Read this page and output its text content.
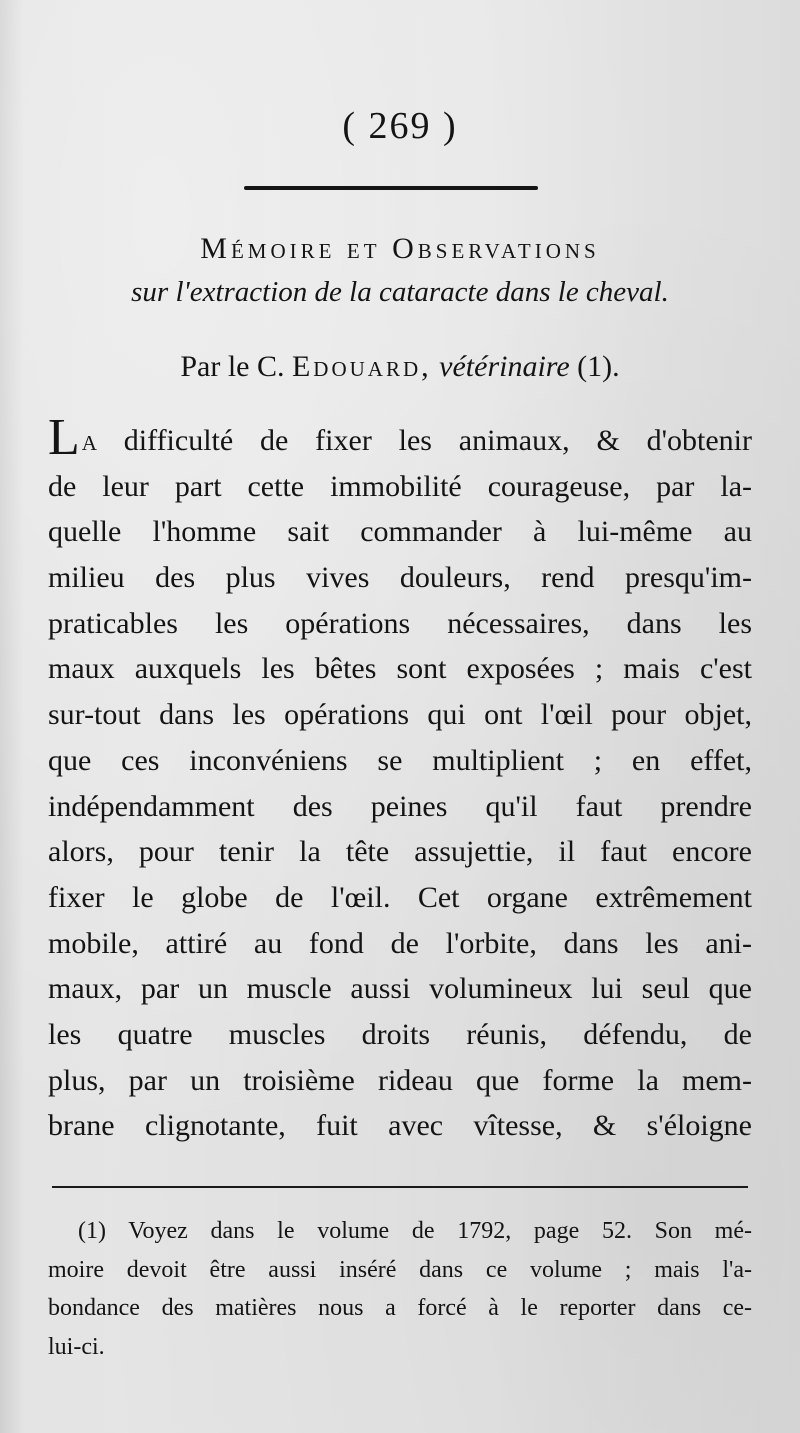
( 269 )
Mémoire et Observations
sur l'extraction de la cataracte dans le cheval.
Par le C. Edouard, vétérinaire (1).
La difficulté de fixer les animaux, & d'obtenir
de leur part cette immobilité courageuse, par la-
quelle l'homme sait commander à lui-même au
milieu des plus vives douleurs, rend presqu'im-
praticables les opérations nécessaires, dans les
maux auxquels les bêtes sont exposées ; mais c'est
sur-tout dans les opérations qui ont l'œil pour objet,
que ces inconvéniens se multiplient ; en effet,
indépendamment des peines qu'il faut prendre
alors, pour tenir la tête assujettie, il faut encore
fixer le globe de l'œil. Cet organe extrêmement
mobile, attiré au fond de l'orbite, dans les ani-
maux, par un muscle aussi volumineux lui seul que
les quatre muscles droits réunis, défendu, de
plus, par un troisième rideau que forme la mem-
brane clignotante, fuit avec vîtesse, & s'éloigne
(1) Voyez dans le volume de 1792, page 52. Son mé-
moire devoit être aussi inséré dans ce volume ; mais l'a-
bondance des matières nous a forcé à le reporter dans ce-
lui-ci.
